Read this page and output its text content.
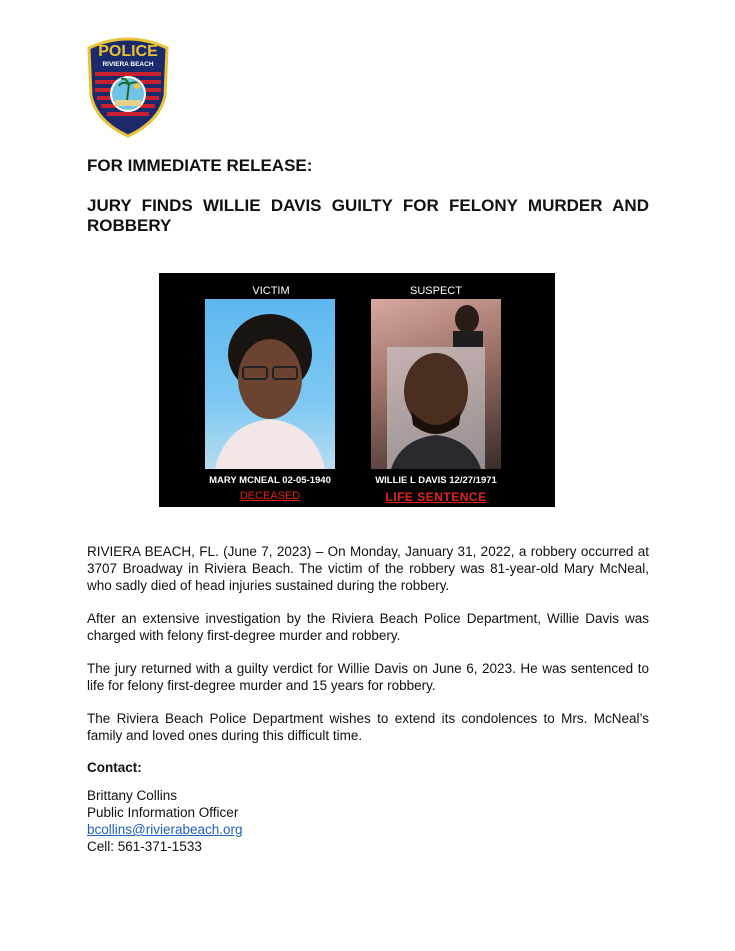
POLICE
RIVIERA BEACH
FLORIDA

FOR IMMEDIATE RELEASE:

JURY FINDS WILLIE DAVIS GUILTY FOR FELONY MURDER AND ROBBERY

VICTIM	SUSPECT
MARY MCNEAL 02-05-1940
DECEASED
WILLIE L DAVIS 12/27/1971
LIFE SENTENCE

RIVIERA BEACH, FL. (June 7, 2023) – On Monday, January 31, 2022, a robbery occurred at 3707 Broadway in Riviera Beach. The victim of the robbery was 81-year-old Mary McNeal, who sadly died of head injuries sustained during the robbery.

After an extensive investigation by the Riviera Beach Police Department, Willie Davis was charged with felony first-degree murder and robbery.

The jury returned with a guilty verdict for Willie Davis on June 6, 2023. He was sentenced to life for felony first-degree murder and 15 years for robbery.

The Riviera Beach Police Department wishes to extend its condolences to Mrs. McNeal’s family and loved ones during this difficult time.

Contact:

Brittany Collins

Public Information Officer

bcollins@rivierabeach.org

Cell: 561-371-1533
